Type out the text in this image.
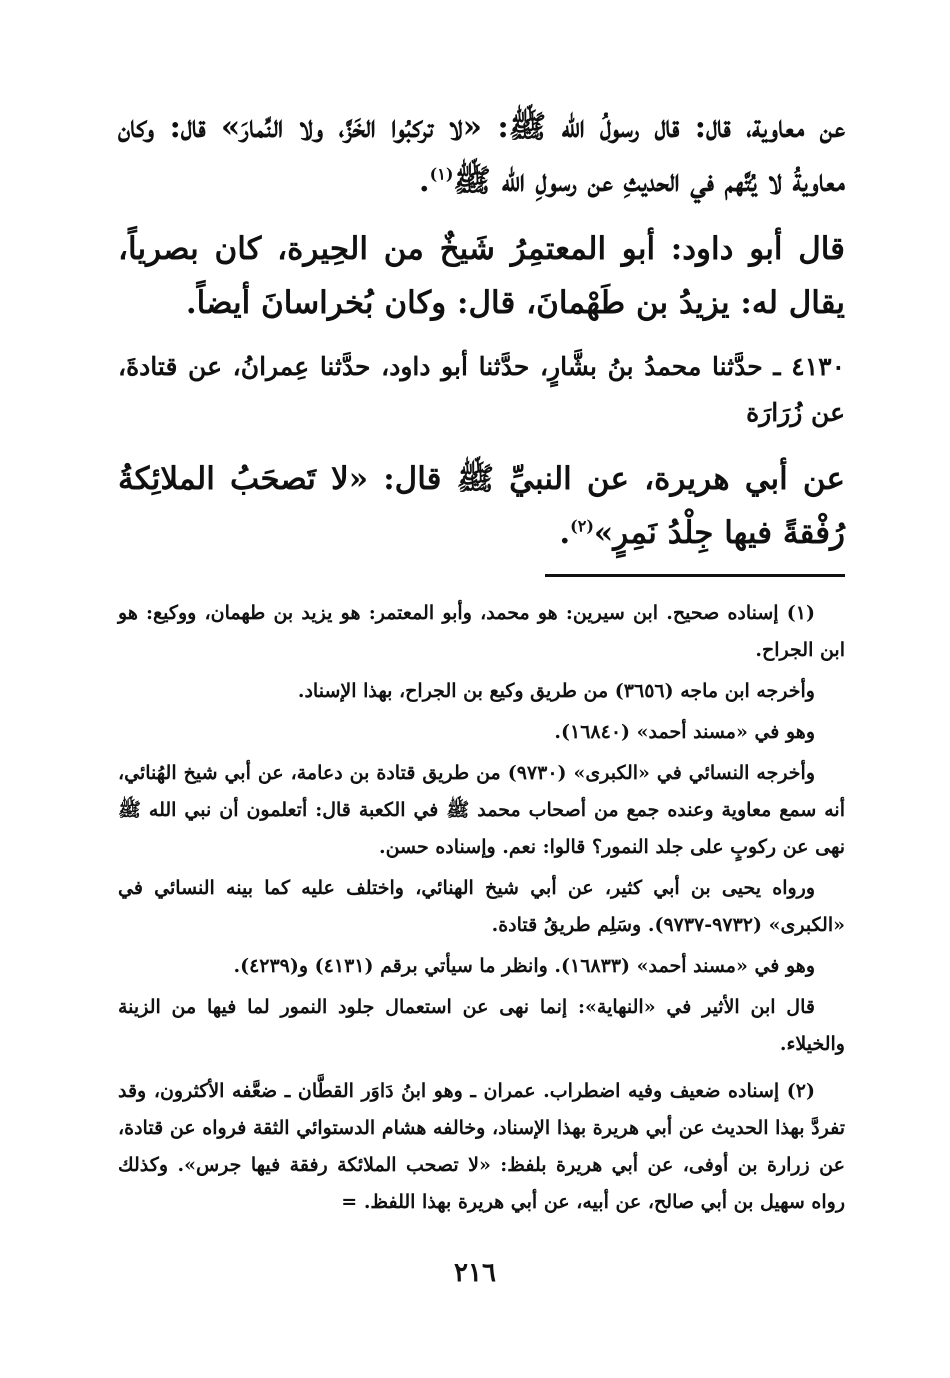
عن معاوية، قال: قال رسولُ الله ﷺ: «لا تركبُوا الخَزَّ، ولا النِّمارَ» قال: وكان معاويةُ لا يُتَّهم في الحديثِ عن رسولِ الله ﷺ$^{(١)}$.

قال أبو داود: أبو المعتمِرُ شَيخٌ من الحِيرة، كان بصرياً، يقال له: يزيدُ بن طَهْمانَ، قال: وكان بُخراسانَ أيضاً.

٤١٣٠ ـ حدَّثنا محمدُ بنُ بشَّارٍ، حدَّثنا أبو داود، حدَّثنا عِمرانُ، عن قتادةَ، عن زُرَارَة

عن أبي هريرة، عن النبيِّ ﷺ قال: «لا تَصحَبُ الملائِكةُ رُفْقةً فيها جِلْدُ نَمِرٍ»$^{(٢)}$.

(١) إسناده صحيح. ابن سيرين: هو محمد، وأبو المعتمر: هو يزيد بن طهمان، ووكيع: هو ابن الجراح.

وأخرجه ابن ماجه (٣٦٥٦) من طريق وكيع بن الجراح، بهذا الإسناد.

وهو في «مسند أحمد» (١٦٨٤٠).

وأخرجه النسائي في «الكبرى» (٩٧٣٠) من طريق قتادة بن دعامة، عن أبي شيخ الهُنائي، أنه سمع معاوية وعنده جمع من أصحاب محمد ﷺ في الكعبة قال: أتعلمون أن نبي الله ﷺ نهى عن ركوبٍ على جلد النمور؟ قالوا: نعم. وإسناده حسن.

ورواه يحيى بن أبي كثير، عن أبي شيخ الهنائي، واختلف عليه كما بينه النسائي في «الكبرى» (٩٧٣٢-٩٧٣٧). وسَلِم طريقُ قتادة.

وهو في «مسند أحمد» (١٦٨٣٣). وانظر ما سيأتي برقم (٤١٣١) و(٤٢٣٩).

قال ابن الأثير في «النهاية»: إنما نهى عن استعمال جلود النمور لما فيها من الزينة والخيلاء.

(٢) إسناده ضعيف وفيه اضطراب. عمران ـ وهو ابنُ دَاوَر القطَّان ـ ضعَّفه الأكثرون، وقد تفردَّ بهذا الحديث عن أبي هريرة بهذا الإسناد، وخالفه هشام الدستوائي الثقة فرواه عن قتادة، عن زرارة بن أوفى، عن أبي هريرة بلفظ: «لا تصحب الملائكة رفقة فيها جرس». وكذلك رواه سهيل بن أبي صالح، عن أبيه، عن أبي هريرة بهذا اللفظ. =

٢١٦
